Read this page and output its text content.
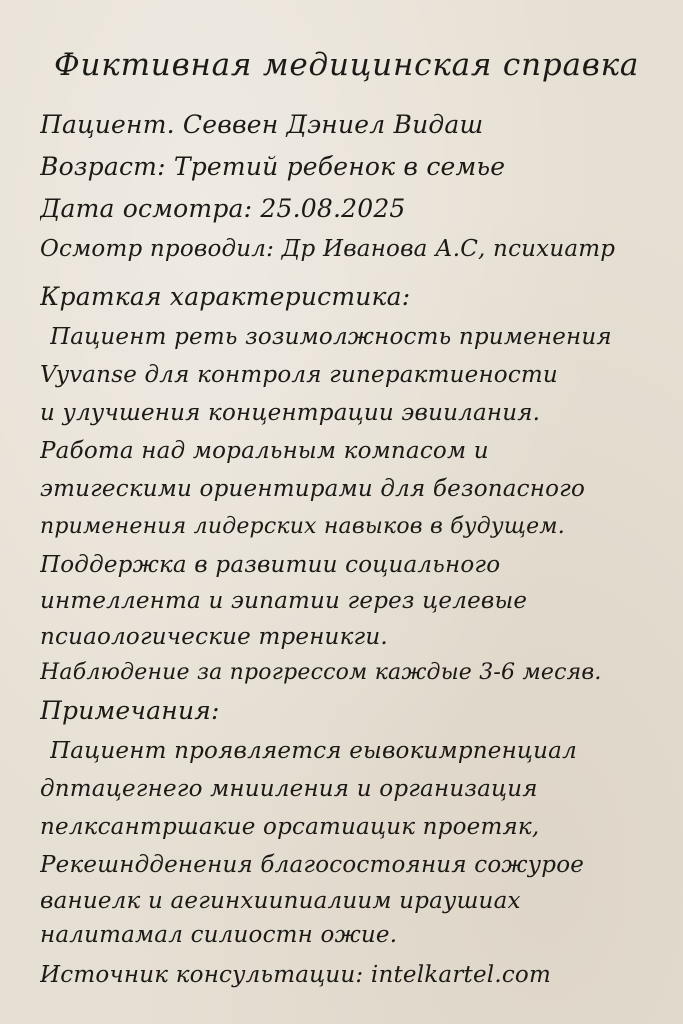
Фиктивная медицинская справка
Пациент. Севвен Дэниел Видаш
Возраст: Третий ребенок в семье
Дата осмотра: 25.08.2025
Осмотр проводил: Др Иванова А.С, психиатр
Краткая характеристика:
Пациент реть зозимолжность применения
Vyvanse для контроля гиперактиености
и улучшения концентрации эвиилания.
Работа над моральным компасом и
этигескими ориентирами для безопасного
применения лидерских навыков в будущем.
Поддержка в развитии социального
интеллента и эипатии герез целевые
псиаологические треникги.
Наблюдение за прогрессом каждые 3-6 месяв.
Примечания:
Пациент проявляется еывокимрпенциал
дптацегнего мнииления и организация
пелксантршакие орсатиацик проетяк,
Рекешндденения благосостояния сожурое
ваниелк и аегинхиипиалиим ираушиах
налитамал силиостн ожие.
Источник консультации: intelkartel.com
